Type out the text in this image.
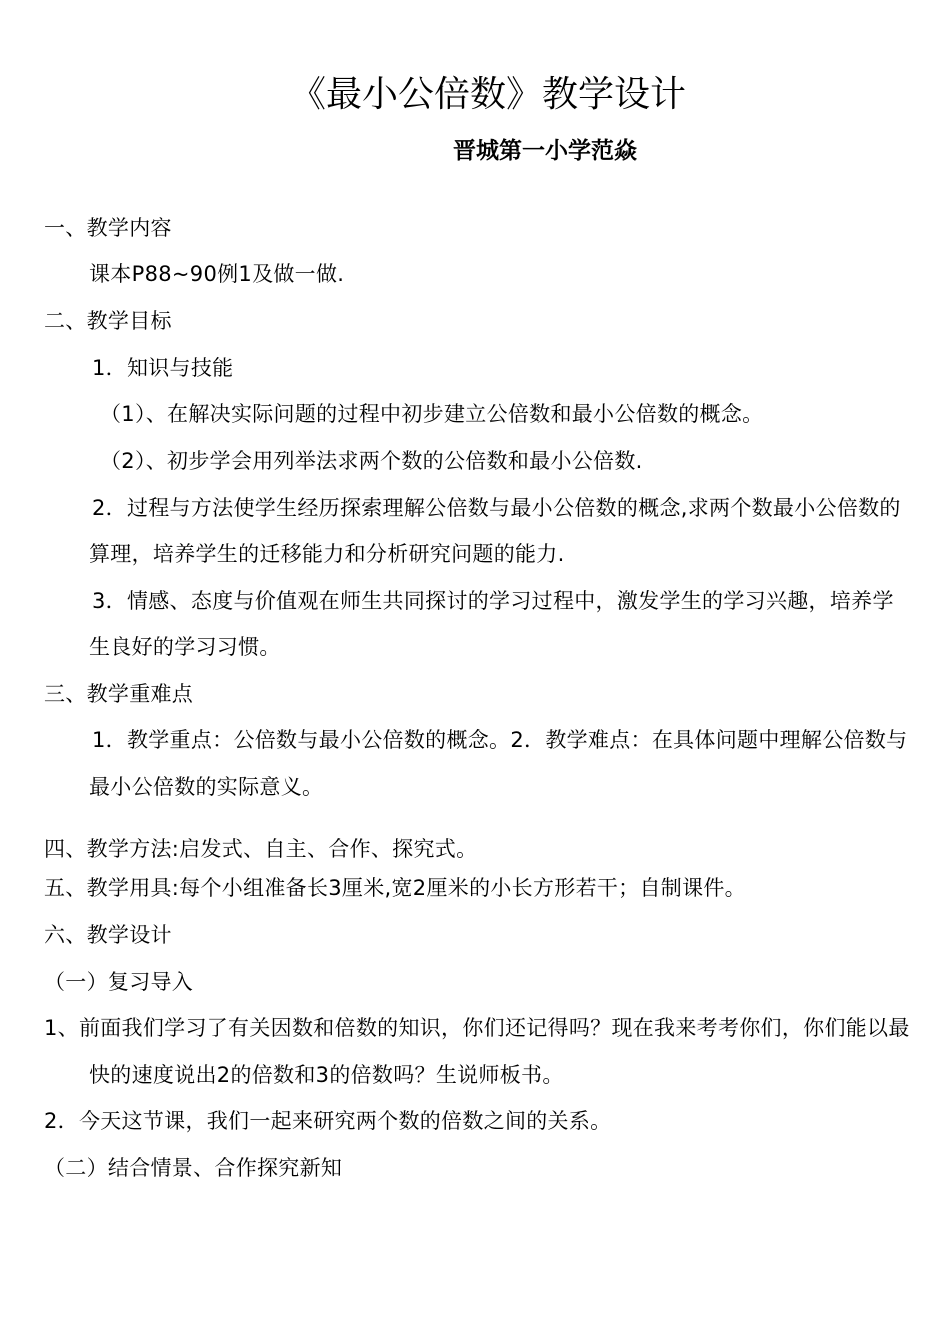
《最小公倍数》教学设计
晋城第一小学范焱
一、教学内容
课本P88~90例1及做一做.
二、教学目标
1．知识与技能
（1）、在解决实际问题的过程中初步建立公倍数和最小公倍数的概念。
（2）、初步学会用列举法求两个数的公倍数和最小公倍数.
2．过程与方法使学生经历探索理解公倍数与最小公倍数的概念,求两个数最小公倍数的
算理，培养学生的迁移能力和分析研究问题的能力.
3．情感、态度与价值观在师生共同探讨的学习过程中，激发学生的学习兴趣，培养学
生良好的学习习惯。
三、教学重难点
1．教学重点：公倍数与最小公倍数的概念。2．教学难点：在具体问题中理解公倍数与
最小公倍数的实际意义。
四、教学方法:启发式、自主、合作、探究式。
五、教学用具:每个小组准备长3厘米,宽2厘米的小长方形若干；自制课件。
六、教学设计
（一）复习导入
1、前面我们学习了有关因数和倍数的知识，你们还记得吗？现在我来考考你们，你们能以最
快的速度说出2的倍数和3的倍数吗？生说师板书。
2．今天这节课，我们一起来研究两个数的倍数之间的关系。
（二）结合情景、合作探究新知
